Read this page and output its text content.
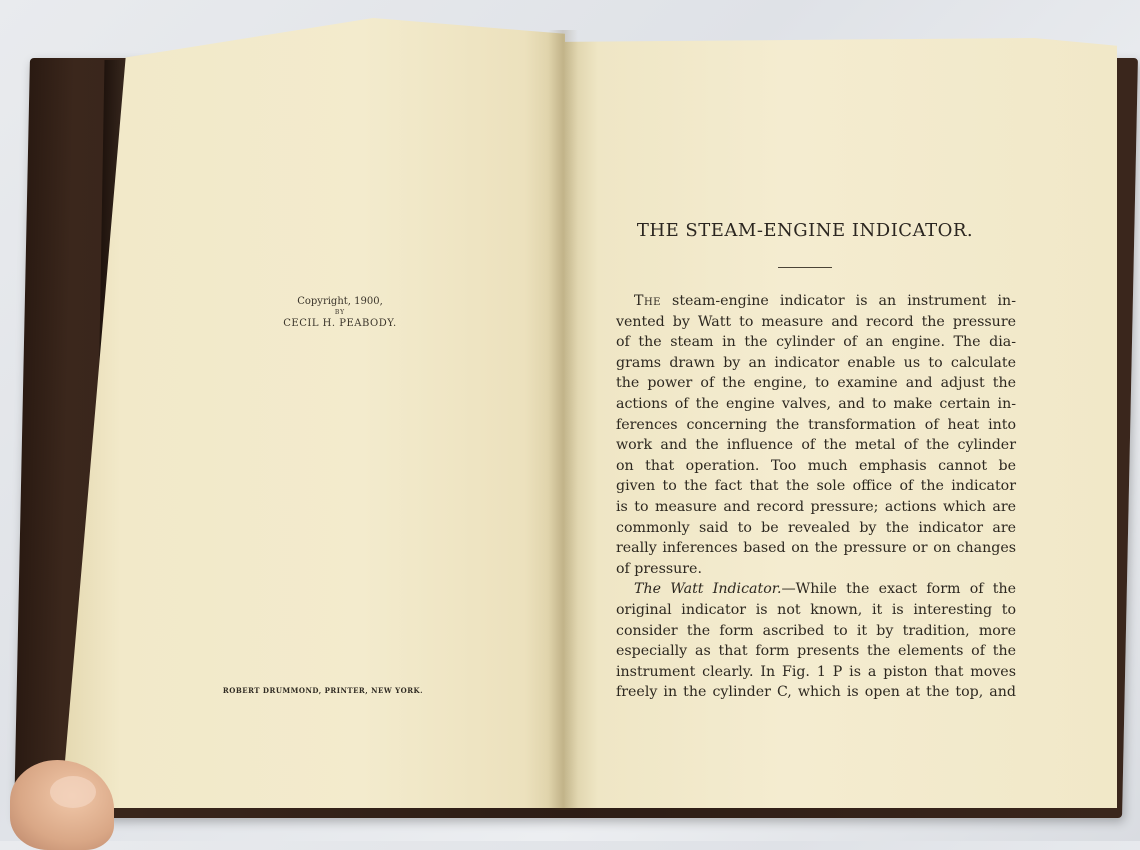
Copyright, 1900,
BY
CECIL H. PEABODY.
ROBERT DRUMMOND, PRINTER, NEW YORK.
THE STEAM-ENGINE INDICATOR.
The steam-engine indicator is an instrument in-
vented by Watt to measure and record the pressure
of the steam in the cylinder of an engine. The dia-
grams drawn by an indicator enable us to calculate
the power of the engine, to examine and adjust the
actions of the engine valves, and to make certain in-
ferences concerning the transformation of heat into
work and the influence of the metal of the cylinder
on that operation. Too much emphasis cannot be
given to the fact that the sole office of the indicator
is to measure and record pressure; actions which are
commonly said to be revealed by the indicator are
really inferences based on the pressure or on changes
of pressure.
The Watt Indicator.—While the exact form of the
original indicator is not known, it is interesting to
consider the form ascribed to it by tradition, more
especially as that form presents the elements of the
instrument clearly. In Fig. 1 P is a piston that moves
freely in the cylinder C, which is open at the top, and
